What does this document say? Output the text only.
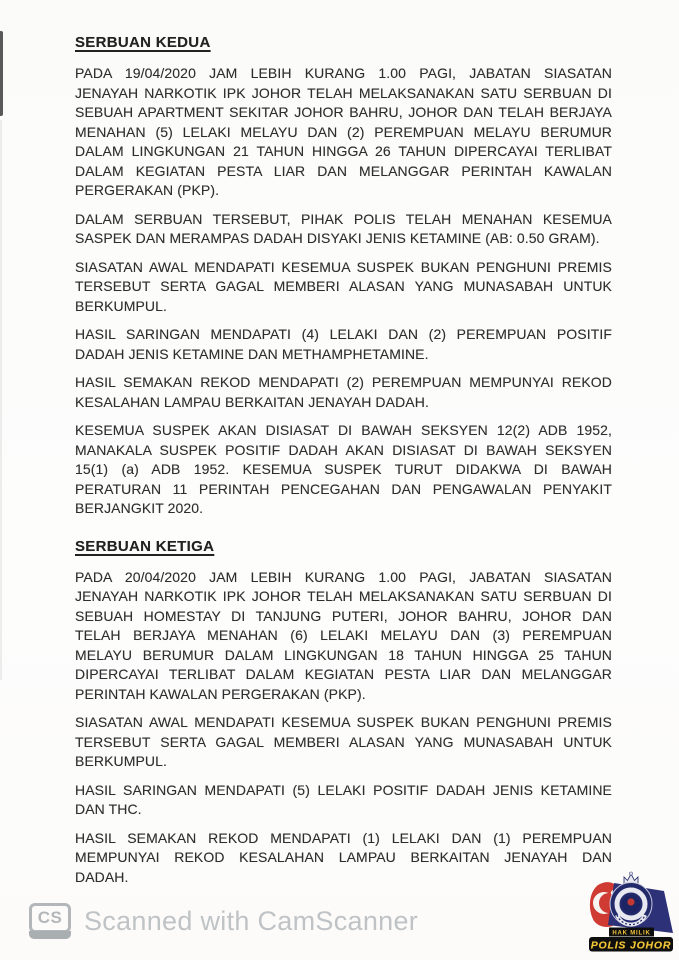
SERBUAN KEDUA
PADA 19/04/2020 JAM LEBIH KURANG 1.00 PAGI, JABATAN SIASATAN
JENAYAH NARKOTIK IPK JOHOR TELAH MELAKSANAKAN SATU SERBUAN DI
SEBUAH APARTMENT SEKITAR JOHOR BAHRU, JOHOR DAN TELAH BERJAYA
MENAHAN (5) LELAKI MELAYU DAN (2) PEREMPUAN MELAYU BERUMUR
DALAM LINGKUNGAN 21 TAHUN HINGGA 26 TAHUN DIPERCAYAI TERLIBAT
DALAM KEGIATAN PESTA LIAR DAN MELANGGAR PERINTAH KAWALAN
PERGERAKAN (PKP).
DALAM SERBUAN TERSEBUT, PIHAK POLIS TELAH MENAHAN KESEMUA
SASPEK DAN MERAMPAS DADAH DISYAKI JENIS KETAMINE (AB: 0.50 GRAM).
SIASATAN AWAL MENDAPATI KESEMUA SUSPEK BUKAN PENGHUNI PREMIS
TERSEBUT SERTA GAGAL MEMBERI ALASAN YANG MUNASABAH UNTUK
BERKUMPUL.
HASIL SARINGAN MENDAPATI (4) LELAKI DAN (2) PEREMPUAN POSITIF
DADAH JENIS KETAMINE DAN METHAMPHETAMINE.
HASIL SEMAKAN REKOD MENDAPATI (2) PEREMPUAN MEMPUNYAI REKOD
KESALAHAN LAMPAU BERKAITAN JENAYAH DADAH.
KESEMUA SUSPEK AKAN DISIASAT DI BAWAH SEKSYEN 12(2) ADB 1952,
MANAKALA SUSPEK POSITIF DADAH AKAN DISIASAT DI BAWAH SEKSYEN
15(1) (a) ADB 1952. KESEMUA SUSPEK TURUT DIDAKWA DI BAWAH
PERATURAN 11 PERINTAH PENCEGAHAN DAN PENGAWALAN PENYAKIT
BERJANGKIT 2020.
SERBUAN KETIGA
PADA 20/04/2020 JAM LEBIH KURANG 1.00 PAGI, JABATAN SIASATAN
JENAYAH NARKOTIK IPK JOHOR TELAH MELAKSANAKAN SATU SERBUAN DI
SEBUAH HOMESTAY DI TANJUNG PUTERI, JOHOR BAHRU, JOHOR DAN
TELAH BERJAYA MENAHAN (6) LELAKI MELAYU DAN (3) PEREMPUAN
MELAYU BERUMUR DALAM LINGKUNGAN 18 TAHUN HINGGA 25 TAHUN
DIPERCAYAI TERLIBAT DALAM KEGIATAN PESTA LIAR DAN MELANGGAR
PERINTAH KAWALAN PERGERAKAN (PKP).
SIASATAN AWAL MENDAPATI KESEMUA SUSPEK BUKAN PENGHUNI PREMIS
TERSEBUT SERTA GAGAL MEMBERI ALASAN YANG MUNASABAH UNTUK
BERKUMPUL.
HASIL SARINGAN MENDAPATI (5) LELAKI POSITIF DADAH JENIS KETAMINE
DAN THC.
HASIL SEMAKAN REKOD MENDAPATI (1) LELAKI DAN (1) PEREMPUAN
MEMPUNYAI REKOD KESALAHAN LAMPAU BERKAITAN JENAYAH DAN
DADAH.
CS Scanned with CamScanner	HAK MILIK
POLIS JOHOR
